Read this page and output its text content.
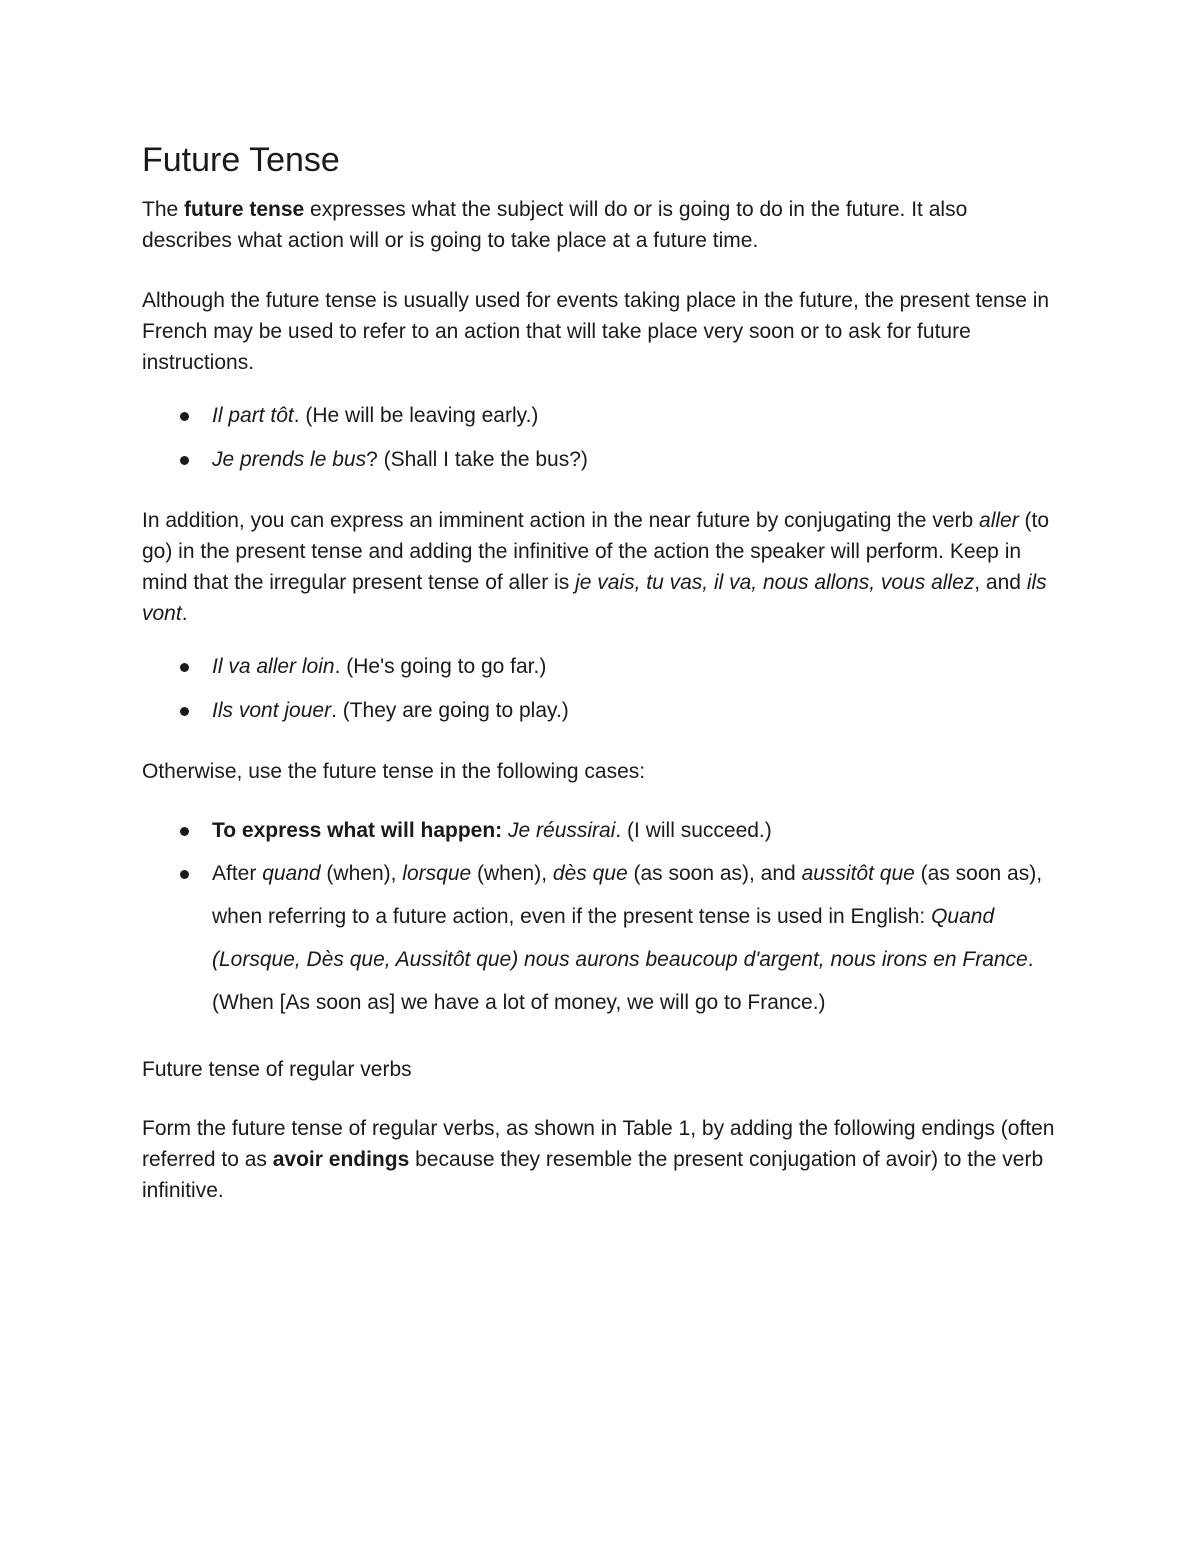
Future Tense

The future tense expresses what the subject will do or is going to do in the future. It also describes what action will or is going to take place at a future time.

Although the future tense is usually used for events taking place in the future, the present tense in French may be used to refer to an action that will take place very soon or to ask for future instructions.

Il part tôt. (He will be leaving early.)
Je prends le bus? (Shall I take the bus?)

In addition, you can express an imminent action in the near future by conjugating the verb aller (to go) in the present tense and adding the infinitive of the action the speaker will perform. Keep in mind that the irregular present tense of aller is je vais, tu vas, il va, nous allons, vous allez, and ils vont.

Il va aller loin. (He's going to go far.)
Ils vont jouer. (They are going to play.)

Otherwise, use the future tense in the following cases:

To express what will happen: Je réussirai. (I will succeed.)
After quand (when), lorsque (when), dès que (as soon as), and aussitôt que (as soon as), when referring to a future action, even if the present tense is used in English: Quand (Lorsque, Dès que, Aussitôt que) nous aurons beaucoup d'argent, nous irons en France. (When [As soon as] we have a lot of money, we will go to France.)
Future tense of regular verbs

Form the future tense of regular verbs, as shown in Table 1, by adding the following endings (often referred to as avoir endings because they resemble the present conjugation of avoir) to the verb infinitive.
